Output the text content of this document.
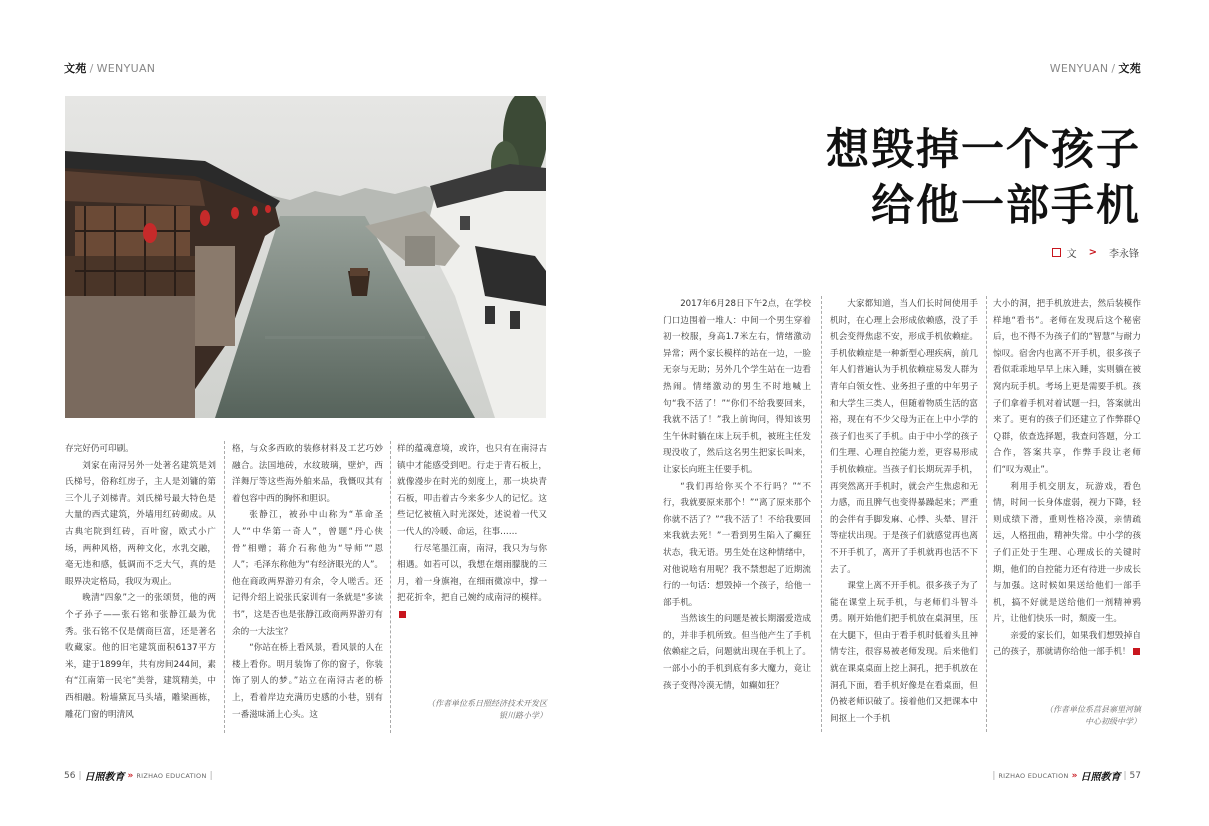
文苑 / WENYUAN	WENYUAN / 文苑

存完好仍可印刷。

刘家在南浔另外一处著名建筑是刘氏梯号，俗称红房子，主人是刘镛的第三个儿子刘梯青。刘氏梯号最大特色是大量的西式建筑，外墙用红砖砌成。从古典宅院到红砖，百叶窗，欧式小广场，两种风格，两种文化，水乳交融，毫无违和感，低调而不乏大气，真的是眼界决定格局，我叹为观止。

晚清“四象”之一的张颂贤，他的两个孑孙子——张石铭和张静江最为优秀。张石铭不仅是儒商巨富，还是著名收藏家。他的旧宅建筑面积6137平方米，建于1899年，共有房间244间，素有“江南第一民宅”美誉，建筑精美，中西相融。粉墙黛瓦马头墙，雕梁画栋，雕花门窗的明清风

格，与众多西欧的装修材料及工艺巧妙融合。法国地砖，水纹玻璃，壁炉，西洋舞厅等这些海外舶来品，我慨叹其有着包容中西的胸怀和胆识。

张静江，被孙中山称为“革命圣人”“中华第一奇人”，曾题“丹心侠骨”相赠；蒋介石称他为“导师”“恩人”；毛泽东称他为“有经济眼光的人”。他在商政两界游刃有余，令人嗟舌。还记得介绍上说张氏家训有一条就是“多读书”，这是否也是张静江政商两界游刃有余的一大法宝？

“你站在桥上看风景，看风景的人在楼上看你。明月装饰了你的窗子，你装饰了别人的梦。”站立在南浔古老的桥上，看着岸边充满历史感的小巷，别有一番滋味涌上心头。这

样的蕴魂意境，或许，也只有在南浔古镇中才能感受到吧。行走于青石板上，就像漫步在时光的刻度上，那一块块青石板，叩击着古今来多少人的记忆。这些记忆被植入时光深处，述说着一代又一代人的冷暖、命运，往事……

行尽笔墨江南，南浔，我只为与你相遇。如若可以，我想在烟雨朦胧的三月，着一身旗袍，在细雨微凉中，撑一把花折伞，把自己婉约成南浔的模样。

（作者单位系日照经济技术开发区
银川路小学）
想毁掉一个孩子
给他一部手机
文 > 李永锋

2017年6月28日下午2点，在学校门口边围着一堆人：中间一个男生穿着初一校服，身高1.7米左右，情绪激动异常；两个家长模样的站在一边，一脸无奈与无助；另外几个学生站在一边看热闹。情绪激动的男生不时地喊上句“我不活了！”“你们不给我要回来，我就不活了！”我上前询问，得知该男生午休时躺在床上玩手机，被班主任发现没收了，然后这名男生把家长叫来，让家长向班主任要手机。

“我们再给你买个不行吗？”“不行，我就要原来那个！”“离了原来那个你就不活了？”“我不活了！不给我要回来我就去死！”一看到男生陷入了癫狂状态，我无语。男生处在这种情绪中，对他说啥有用呢？我不禁想起了近期流行的一句话：想毁掉一个孩子，给他一部手机。

当然该生的问题是被长期溺爱造成的，并非手机所致。但当他产生了手机依赖症之后，问题就出现在手机上了。一部小小的手机到底有多大魔力，竟让孩子变得冷漠无情，如癫如狂？

大家都知道，当人们长时间使用手机时，在心理上会形成依赖感，没了手机会变得焦虑不安，形成手机依赖症。手机依赖症是一种新型心理疾病，前几年人们普遍认为手机依赖症易发人群为青年白领女性、业务担子重的中年男子和大学生三类人，但随着物质生活的富裕，现在有不少父母为正在上中小学的孩子们也买了手机。由于中小学的孩子们生理、心理自控能力差，更容易形成手机依赖症。当孩子们长期玩弄手机，再突然离开手机时，就会产生焦虑和无力感，而且脾气也变得暴躁起来；严重的会伴有手脚发麻、心悸、头晕、冒汗等症状出现。于是孩子们就感觉再也离不开手机了，离开了手机就再也活不下去了。

课堂上离不开手机。很多孩子为了能在课堂上玩手机，与老师们斗智斗勇。刚开始他们把手机放在桌洞里，压在大腿下，但由于看手机时低着头且神情专注，很容易被老师发现。后来他们就在课桌桌面上挖上洞孔，把手机放在洞孔下面，看手机好像是在看桌面，但仍被老师识破了。接着他们又把课本中间抠上一个手机

大小的洞，把手机放进去，然后装模作样地“看书”。老师在发现后这个秘密后，也不得不为孩子们的“智慧”与耐力惊叹。宿舍内也离不开手机，很多孩子看似乖乖地早早上床入睡，实则躺在被窝内玩手机。考场上更是需要手机。孩子们拿着手机对着试题一扫，答案就出来了。更有的孩子们还建立了作弊群ＱＱ群，依查选择题，我查问答题，分工合作，答案共享，作弊手段让老师们“叹为观止”。

利用手机交朋友，玩游戏，看色情，时间一长身体虚弱，视力下降，轻则成绩下滑，重则性格冷漠，亲情疏远，人格扭曲，精神失常。中小学的孩子们正处于生理、心理成长的关键时期，他们的自控能力还有待进一步成长与加强。这时候如果送给他们一部手机，搞不好就是送给他们一剂精神鸦片，让他们快乐一时，颓废一生。

亲爱的家长们，如果我们想毁掉自己的孩子，那就请你给他一部手机！

（作者单位系莒县寨里河镇
中心初级中学）
56 | 日照教育 » RIZHAO EDUCATION |	| RIZHAO EDUCATION » 日照教育 | 57
